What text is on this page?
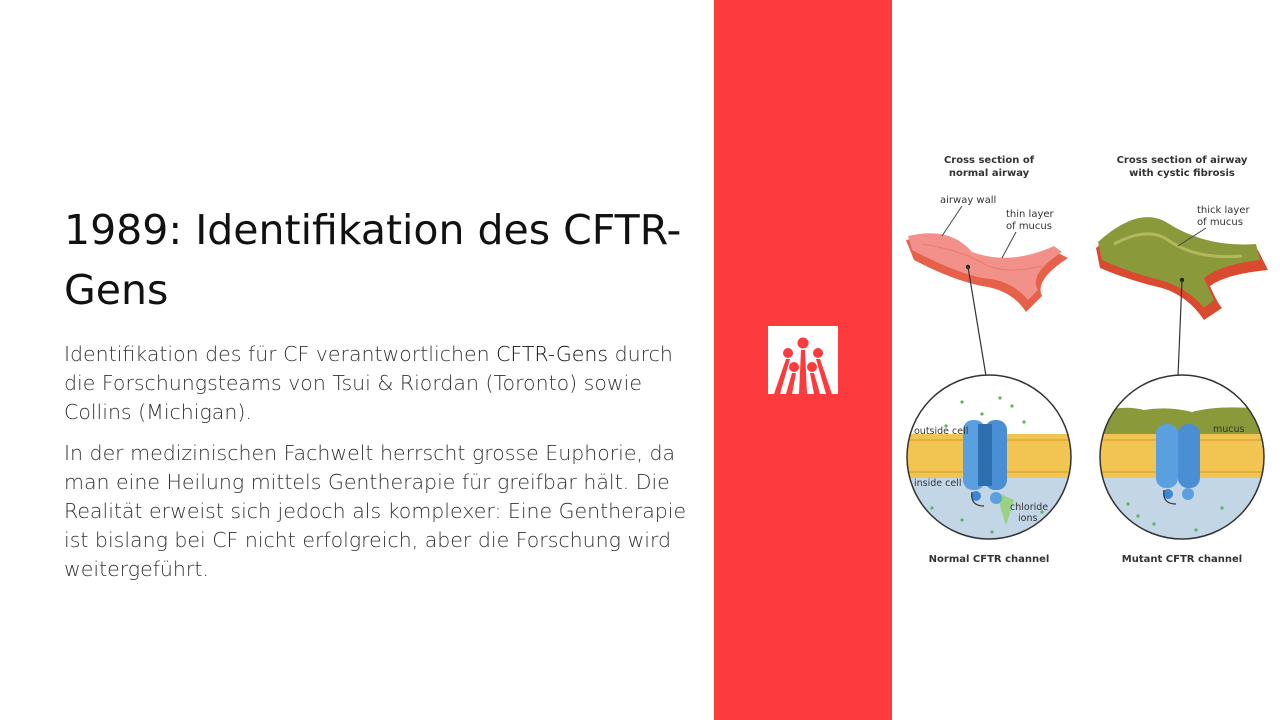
1989: Identifikation des CFTR-Gens

Identifikation des für CF verantwortlichen CFTR-Gens durch die Forschungsteams von Tsui & Riordan (Toronto) sowie Collins (Michigan).

In der medizinischen Fachwelt herrscht grosse Euphorie, da man eine Heilung mittels Gentherapie für greifbar hält. Die Realität erweist sich jedoch als komplexer: Eine Gentherapie ist bislang bei CF nicht erfolgreich, aber die Forschung wird weitergeführt.

Cross section of
normal airway
Cross section of airway
with cystic fibrosis
airway wall
thin layer
of mucus
thick layer
of mucus
outside cell
inside cell
chloride
ions
mucus
Normal CFTR channel	Mutant CFTR channel
